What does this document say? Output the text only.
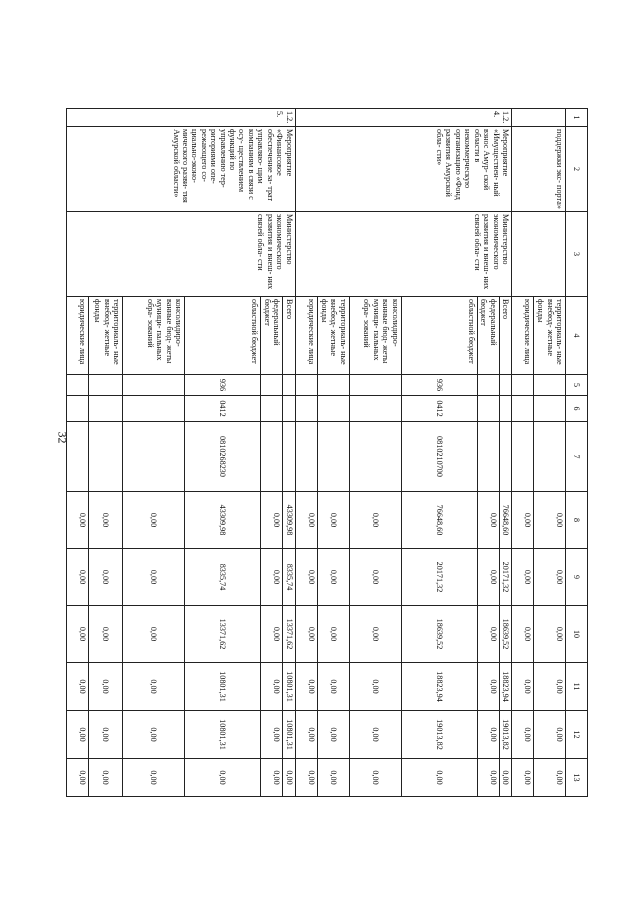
32
1	2	3	4	5	6	7	8	9	10	11	12	13
	поддержки экс- порта»		территориаль- ные внебюд- жетные фонды				0,00	0,00	0,00	0,00	0,00	0,00
			юридические лица				0,00	0,00	0,00	0,00	0,00	0,00
1.2.4.	Мероприятие «Имуществен- ный взнос Амур- ской области в некоммерческую организацию «Фонд развития Амурской обла- сти»	Министерство экономического развития и внеш- них связей обла- сти	Всего				76648,60	20171,32	18639,52	18823,94	19013,82	0,00
			федеральный бюджет				0,00	0,00	0,00	0,00	0,00	0,00
			областной бюджет	936	0412	0810210700	76648,60	20171,32	18639,52	18823,94	19013,82	0,00
			консолидиро- ванные бюд- жеты муници- пальных обра- зований				0,00	0,00	0,00	0,00	0,00	0,00
			территориаль- ные внебюд- жетные фонды				0,00	0,00	0,00	0,00	0,00	0,00
			юридические лица				0,00	0,00	0,00	0,00	0,00	0,00
1.2.5.	Мероприятие «Финансовое обеспечение за- трат управляю- щим компаниям в связи с осу- ществлением функций по управлению тер- риториями опе- режающего со- циально-эконо- мического разви- тия Амурской области»	Министерство экономического развития и внеш- них связей обла- сти	Всего				43309,98	8335,74	13371,62	10801,31	10801,31	0,00
			федеральный бюджет				0,00	0,00	0,00	0,00	0,00	0,00
			областной бюджет	936	0412	0810268230	43309,98	8335,74	13371,62	10801,31	10801,31	0,00
			консолидиро- ванные бюд- жеты муници- пальных обра- зований				0,00	0,00	0,00	0,00	0,00	0,00
			территориаль- ные внебюд- жетные фонды				0,00	0,00	0,00	0,00	0,00	0,00
			юридические лица				0,00	0,00	0,00	0,00	0,00	0,00
